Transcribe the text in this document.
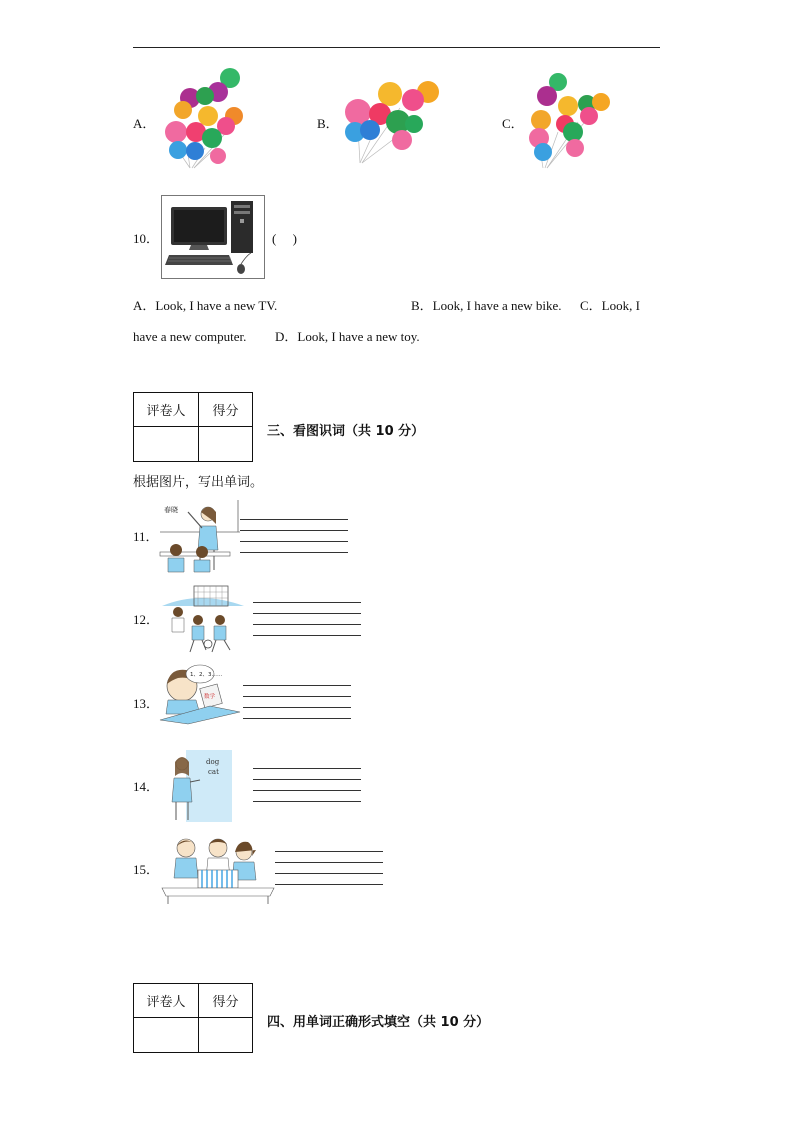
A．	B．	C．
10．	(　 )
A．Look, I have a new TV.	B．Look, I have a new bike. C．Look, I
have a new computer. D．Look, I have a new toy.
评卷人	得分

三、看图识词（共 10 分）
根据图片，写出单词。
11．
春晓
12．
13．
1、2、3……
数学
14．
dog
cat
15．
评卷人	得分

四、用单词正确形式填空（共 10 分）
